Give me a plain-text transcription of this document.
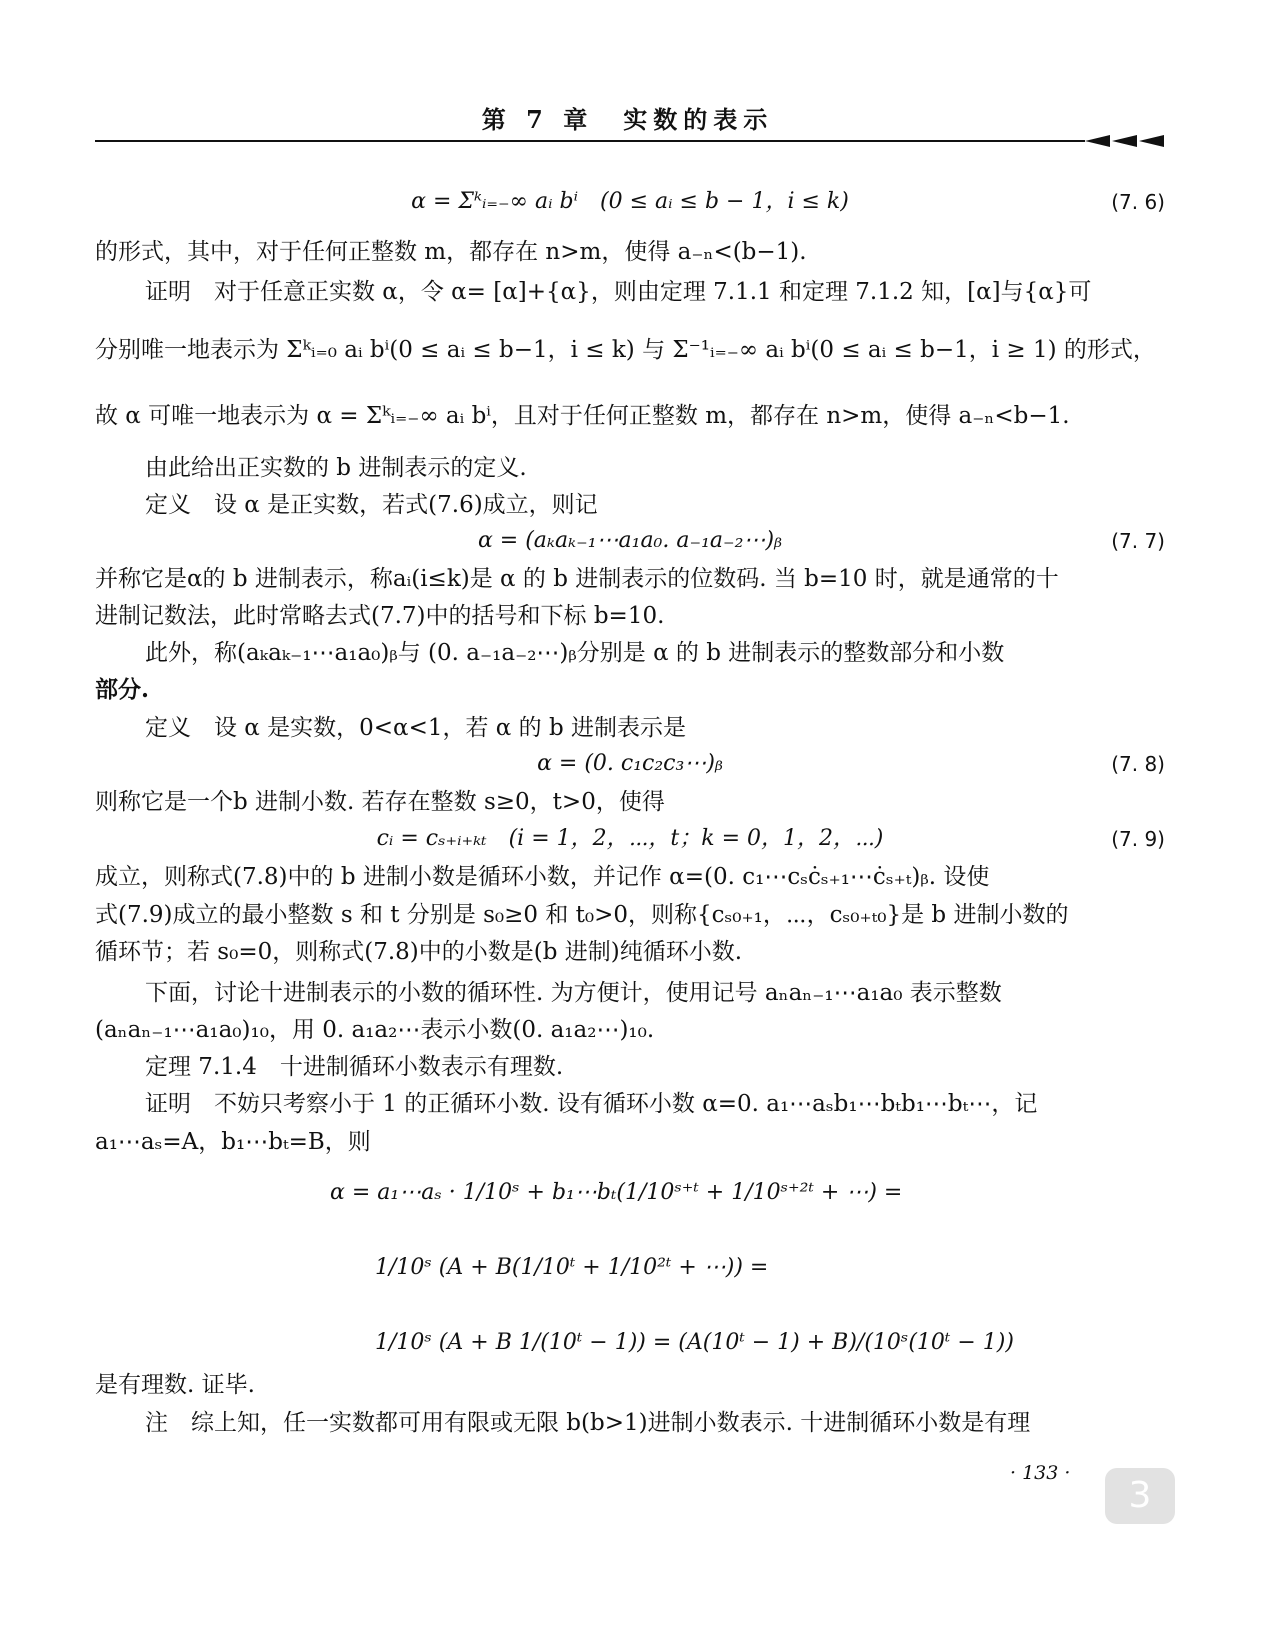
第 7 章　实数的表示
α = Σᵏᵢ₌₋∞ aᵢ bⁱ　(0 ≤ aᵢ ≤ b − 1，i ≤ k)	(7. 6)
的形式，其中，对于任何正整数 m，都存在 n>m，使得 a₋ₙ<(b−1).
证明　对于任意正实数 α，令 α= [α]+{α}，则由定理 7.1.1 和定理 7.1.2 知，[α]与{α}可
分别唯一地表示为 Σᵏᵢ₌₀ aᵢ bⁱ(0 ≤ aᵢ ≤ b−1，i ≤ k) 与 Σ⁻¹ᵢ₌₋∞ aᵢ bⁱ(0 ≤ aᵢ ≤ b−1，i ≥ 1) 的形式，
故 α 可唯一地表示为 α = Σᵏᵢ₌₋∞ aᵢ bⁱ，且对于任何正整数 m，都存在 n>m，使得 a₋ₙ<b−1.
由此给出正实数的 b 进制表示的定义.
定义　设 α 是正实数，若式(7.6)成立，则记
α = (aₖaₖ₋₁⋯a₁a₀. a₋₁a₋₂⋯)ᵦ	(7. 7)
并称它是α的 b 进制表示，称aᵢ(i≤k)是 α 的 b 进制表示的位数码. 当 b=10 时，就是通常的十
进制记数法，此时常略去式(7.7)中的括号和下标 b=10.
此外，称(aₖaₖ₋₁⋯a₁a₀)ᵦ与 (0. a₋₁a₋₂⋯)ᵦ分别是 α 的 b 进制表示的整数部分和小数
部分.
定义　设 α 是实数，0<α<1，若 α 的 b 进制表示是
α = (0. c₁c₂c₃⋯)ᵦ	(7. 8)
则称它是一个b 进制小数. 若存在整数 s≥0，t>0，使得
cᵢ = cₛ₊ᵢ₊ₖₜ　(i = 1，2，⋯，t；k = 0，1，2，⋯)	(7. 9)
成立，则称式(7.8)中的 b 进制小数是循环小数，并记作 α=(0. c₁⋯cₛċₛ₊₁⋯ċₛ₊ₜ)ᵦ. 设使
式(7.9)成立的最小整数 s 和 t 分别是 s₀≥0 和 t₀>0，则称{cₛ₀₊₁，⋯，cₛ₀₊ₜ₀}是 b 进制小数的
循环节；若 s₀=0，则称式(7.8)中的小数是(b 进制)纯循环小数.
下面，讨论十进制表示的小数的循环性. 为方便计，使用记号 aₙaₙ₋₁⋯a₁a₀ 表示整数
(aₙaₙ₋₁⋯a₁a₀)₁₀，用 0. a₁a₂⋯表示小数(0. a₁a₂⋯)₁₀.
定理 7.1.4　十进制循环小数表示有理数.
证明　不妨只考察小于 1 的正循环小数. 设有循环小数 α=0. a₁⋯aₛb₁⋯bₜb₁⋯bₜ⋯，记
a₁⋯aₛ=A，b₁⋯bₜ=B，则
α = a₁⋯aₛ · 1/10ˢ + b₁⋯bₜ(1/10ˢ⁺ᵗ + 1/10ˢ⁺²ᵗ + ⋯) =
1/10ˢ (A + B(1/10ᵗ + 1/10²ᵗ + ⋯)) =
1/10ˢ (A + B 1/(10ᵗ − 1)) = (A(10ᵗ − 1) + B)/(10ˢ(10ᵗ − 1))
是有理数. 证毕.
注　综上知，任一实数都可用有限或无限 b(b>1)进制小数表示. 十进制循环小数是有理
· 133 ·
3
